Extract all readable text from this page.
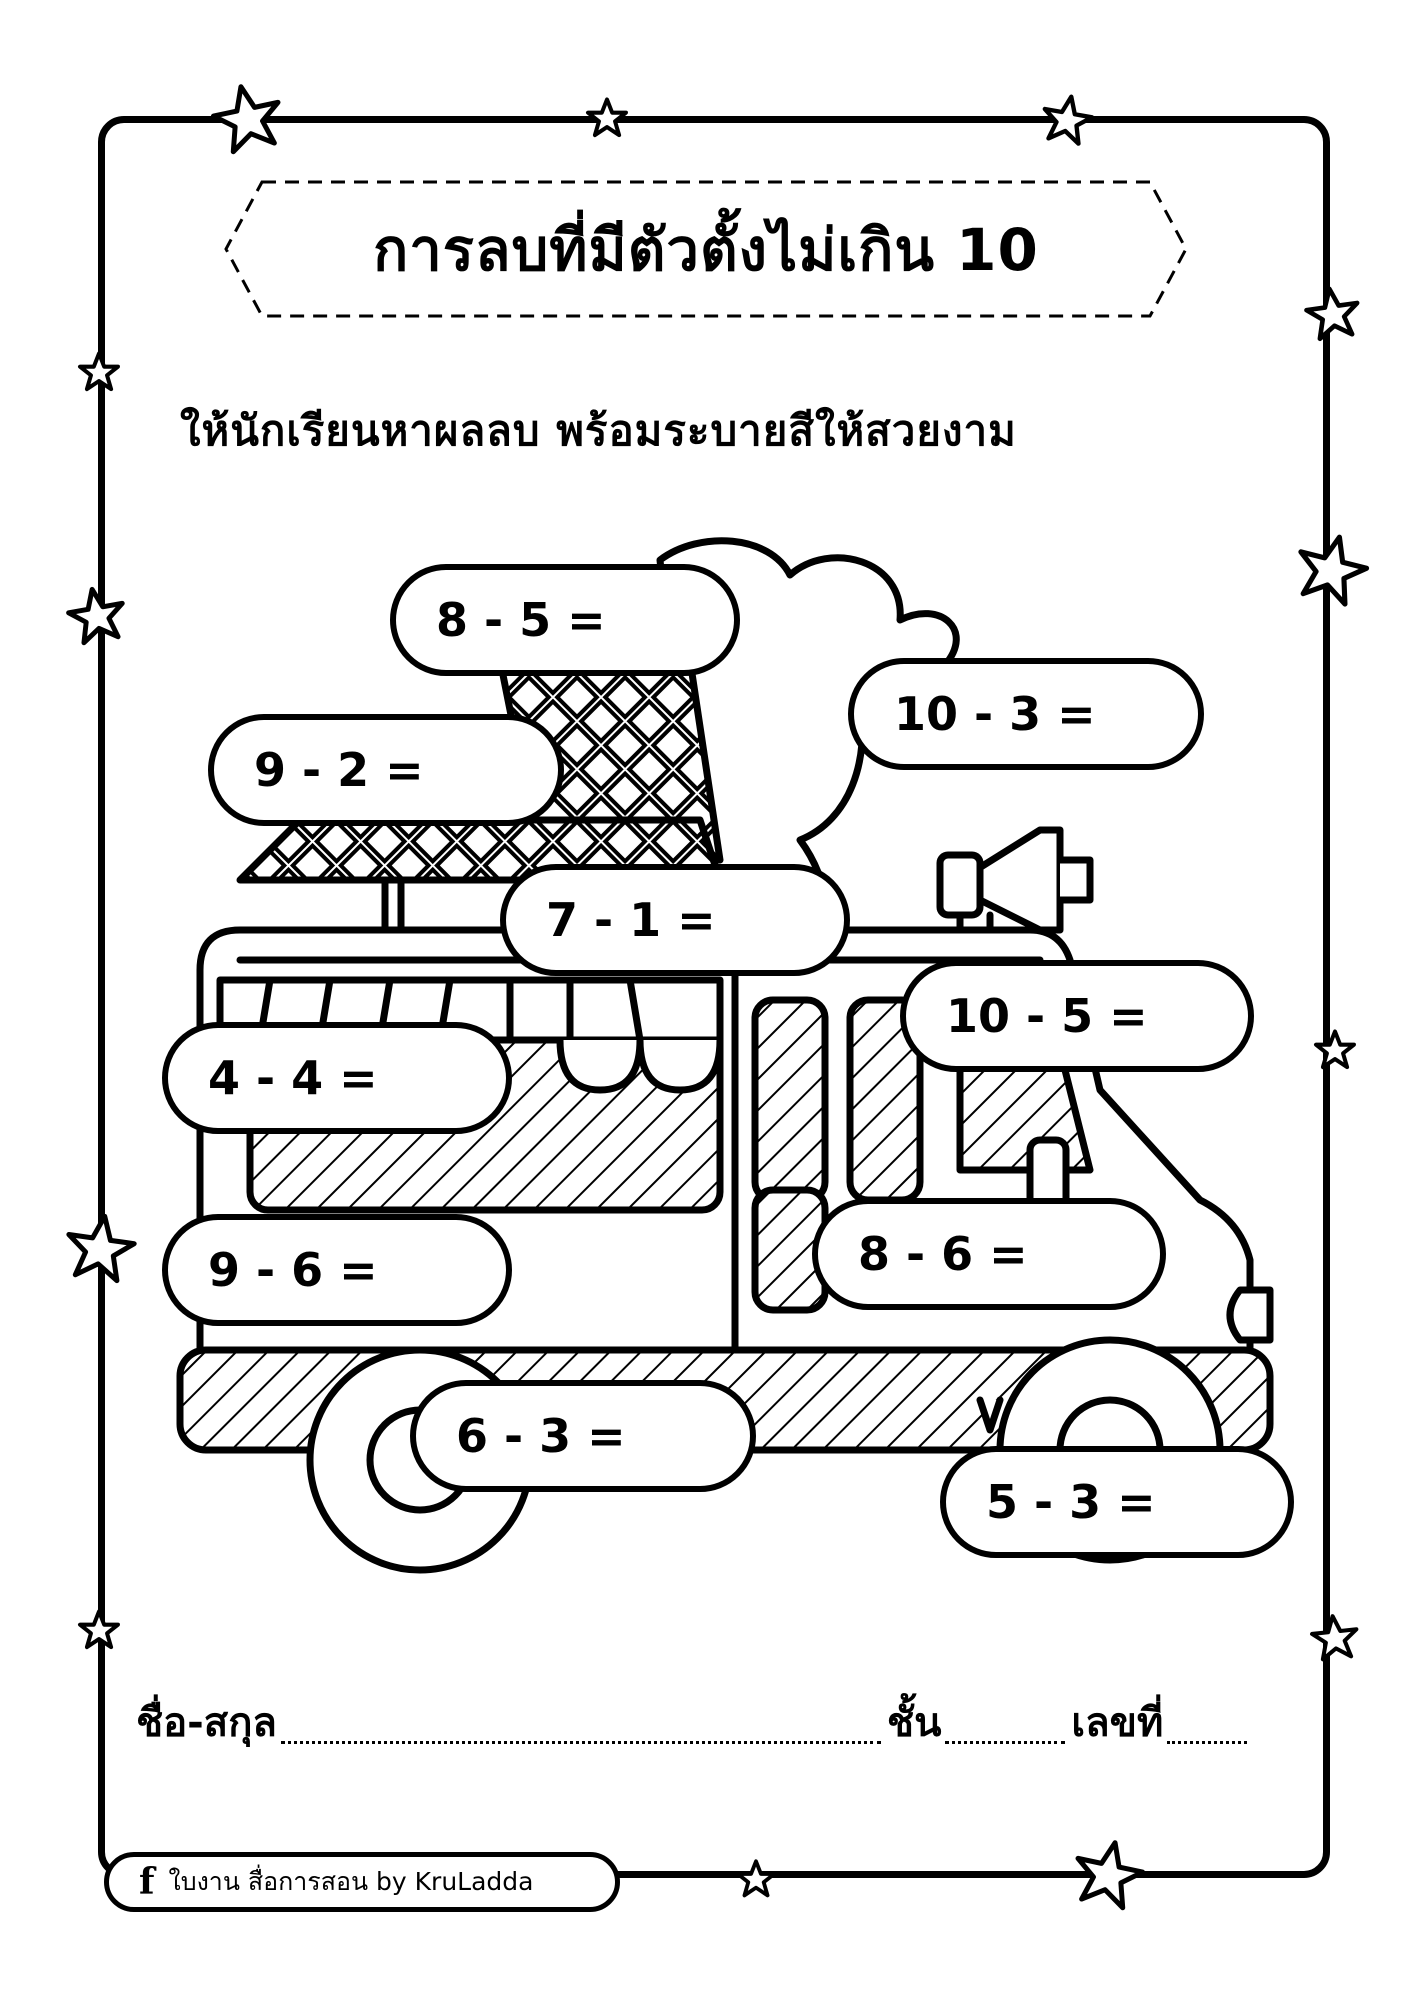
การลบที่มีตัวตั้งไม่เกิน 10
ให้นักเรียนหาผลลบ พร้อมระบายสีให้สวยงาม
8 - 5 =
10 - 3 =
9 - 2 =
7 - 1 =
10 - 5 =
4 - 4 =
9 - 6 =	8 - 6 =
6 - 3 =
5 - 3 =
ชื่อ-สกุล	ชั้น	เลขที่
f ใบงาน สื่อการสอน by KruLadda
